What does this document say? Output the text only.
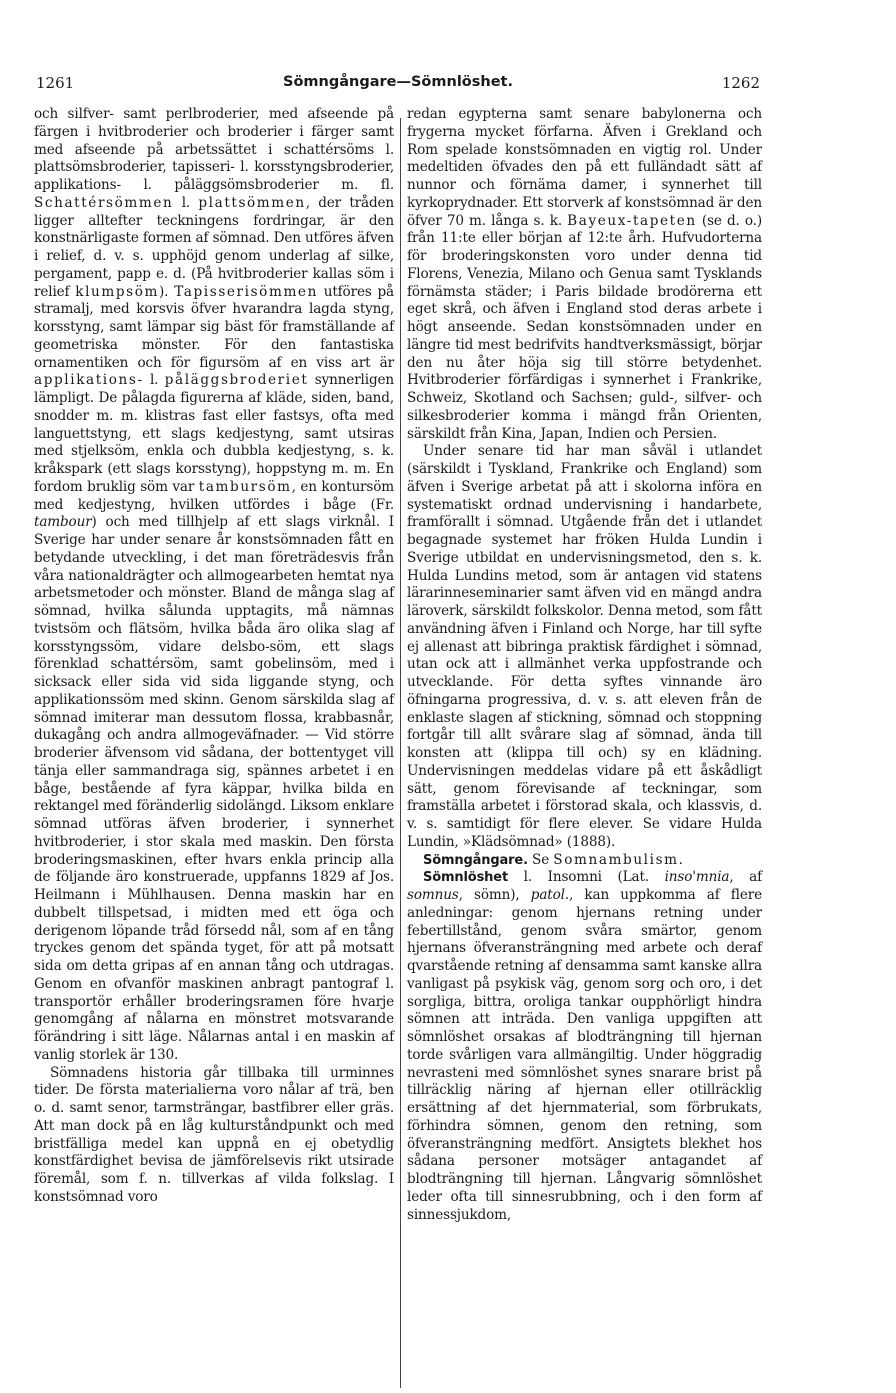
1261	Sömngångare—Sömnlöshet.	1262

och silfver- samt perlbroderier, med afseende på färgen i hvitbroderier och broderier i färger samt med afseende på arbetssättet i schattérsöms l. plattsömsbroderier, tapisseri- l. korsstyngsbroderier, applikations- l. påläggsömsbroderier m. fl. Schattérsömmen l. plattsömmen, der tråden ligger alltefter teckningens fordringar, är den konstnärligaste formen af sömnad. Den utföres äfven i relief, d. v. s. upphöjd genom underlag af silke, pergament, papp e. d. (På hvitbroderier kallas söm i relief klumpsöm). Tapisserisömmen utföres på stramalj, med korsvis öfver hvarandra lagda styng, korsstyng, samt lämpar sig bäst för framställande af geometriska mönster. För den fantastiska ornamentiken och för figursöm af en viss art är applikations- l. påläggsbroderiet synnerligen lämpligt. De pålagda figurerna af kläde, siden, band, snodder m. m. klistras fast eller fastsys, ofta med languettstyng, ett slags kedjestyng, samt utsiras med stjelksöm, enkla och dubbla kedjestyng, s. k. kråkspark (ett slags korsstyng), hoppstyng m. m. En fordom bruklig söm var tambursöm, en kontursöm med kedjestyng, hvilken utfördes i båge (Fr. tambour) och med tillhjelp af ett slags virknål. I Sverige har under senare år konstsömnaden fått en betydande utveckling, i det man företrädesvis från våra nationaldrägter och allmogearbeten hemtat nya arbetsmetoder och mönster. Bland de många slag af sömnad, hvilka sålunda upptagits, må nämnas tvistsöm och flätsöm, hvilka båda äro olika slag af korsstyngssöm, vidare delsbo-söm, ett slags förenklad schattérsöm, samt gobelinsöm, med i sicksack eller sida vid sida liggande styng, och applikationssöm med skinn. Genom särskilda slag af sömnad imiterar man dessutom flossa, krabbasnår, dukagång och andra allmogeväfnader. — Vid större broderier äfvensom vid sådana, der bottentyget vill tänja eller sammandraga sig, spännes arbetet i en båge, bestående af fyra käppar, hvilka bilda en rektangel med föränderlig sidolängd. Liksom enklare sömnad utföras äfven broderier, i synnerhet hvitbroderier, i stor skala med maskin. Den första broderingsmaskinen, efter hvars enkla princip alla de följande äro konstruerade, uppfanns 1829 af Jos. Heilmann i Mühlhausen. Denna maskin har en dubbelt tillspetsad, i midten med ett öga och derigenom löpande tråd försedd nål, som af en tång tryckes genom det spända tyget, för att på motsatt sida om detta gripas af en annan tång och utdragas. Genom en ofvanför maskinen anbragt pantograf l. transportör erhåller broderingsramen före hvarje genomgång af nålarna en mönstret motsvarande förändring i sitt läge. Nålarnas antal i en maskin af vanlig storlek är 130.

Sömnadens historia går tillbaka till urminnes tider. De första materialierna voro nålar af trä, ben o. d. samt senor, tarmsträngar, bastfibrer eller gräs. Att man dock på en låg kulturståndpunkt och med bristfälliga medel kan uppnå en ej obetydlig konstfärdighet bevisa de jämförelsevis rikt utsirade föremål, som f. n. tillverkas af vilda folkslag. I konstsömnad voro

redan egypterna samt senare babylonerna och frygerna mycket förfarna. Äfven i Grekland och Rom spelade konstsömnaden en vigtig rol. Under medeltiden öfvades den på ett fulländadt sätt af nunnor och förnäma damer, i synnerhet till kyrkoprydnader. Ett storverk af konstsömnad är den öfver 70 m. långa s. k. Bayeux-tapeten (se d. o.) från 11:te eller början af 12:te årh. Hufvudorterna för broderingskonsten voro under denna tid Florens, Venezia, Milano och Genua samt Tysklands förnämsta städer; i Paris bildade brodörerna ett eget skrå, och äfven i England stod deras arbete i högt anseende. Sedan konstsömnaden under en längre tid mest bedrifvits handtverksmässigt, börjar den nu åter höja sig till större betydenhet. Hvitbroderier förfärdigas i synnerhet i Frankrike, Schweiz, Skotland och Sachsen; guld-, silfver- och silkesbroderier komma i mängd från Orienten, särskildt från Kina, Japan, Indien och Persien.

Under senare tid har man såväl i utlandet (särskildt i Tyskland, Frankrike och England) som äfven i Sverige arbetat på att i skolorna införa en systematiskt ordnad undervisning i handarbete, framförallt i sömnad. Utgående från det i utlandet begagnade systemet har fröken Hulda Lundin i Sverige utbildat en undervisningsmetod, den s. k. Hulda Lundins metod, som är antagen vid statens lärarinneseminarier samt äfven vid en mängd andra läroverk, särskildt folkskolor. Denna metod, som fått användning äfven i Finland och Norge, har till syfte ej allenast att bibringa praktisk färdighet i sömnad, utan ock att i allmänhet verka uppfostrande och utvecklande. För detta syftes vinnande äro öfningarna progressiva, d. v. s. att eleven från de enklaste slagen af stickning, sömnad och stoppning fortgår till allt svårare slag af sömnad, ända till konsten att (klippa till och) sy en klädning. Undervisningen meddelas vidare på ett åskådligt sätt, genom förevisande af teckningar, som framställa arbetet i förstorad skala, och klassvis, d. v. s. samtidigt för flere elever. Se vidare Hulda Lundin, »Klädsömnad» (1888).

Sömngångare. Se Somnambulism.

Sömnlöshet l. Insomni (Lat. inso'mnia, af somnus, sömn), patol., kan uppkomma af flere anledningar: genom hjernans retning under febertillstånd, genom svåra smärtor, genom hjernans öfveransträngning med arbete och deraf qvarstående retning af densamma samt kanske allra vanligast på psykisk väg, genom sorg och oro, i det sorgliga, bittra, oroliga tankar oupphörligt hindra sömnen att inträda. Den vanliga uppgiften att sömnlöshet orsakas af blodträngning till hjernan torde svårligen vara allmängiltig. Under höggradig nevrasteni med sömnlöshet synes snarare brist på tillräcklig näring af hjernan eller otillräcklig ersättning af det hjernmaterial, som förbrukats, förhindra sömnen, genom den retning, som öfveransträngning medfört. Ansigtets blekhet hos sådana personer motsäger antagandet af blodträngning till hjernan. Långvarig sömnlöshet leder ofta till sinnesrubbning, och i den form af sinnessjukdom,
